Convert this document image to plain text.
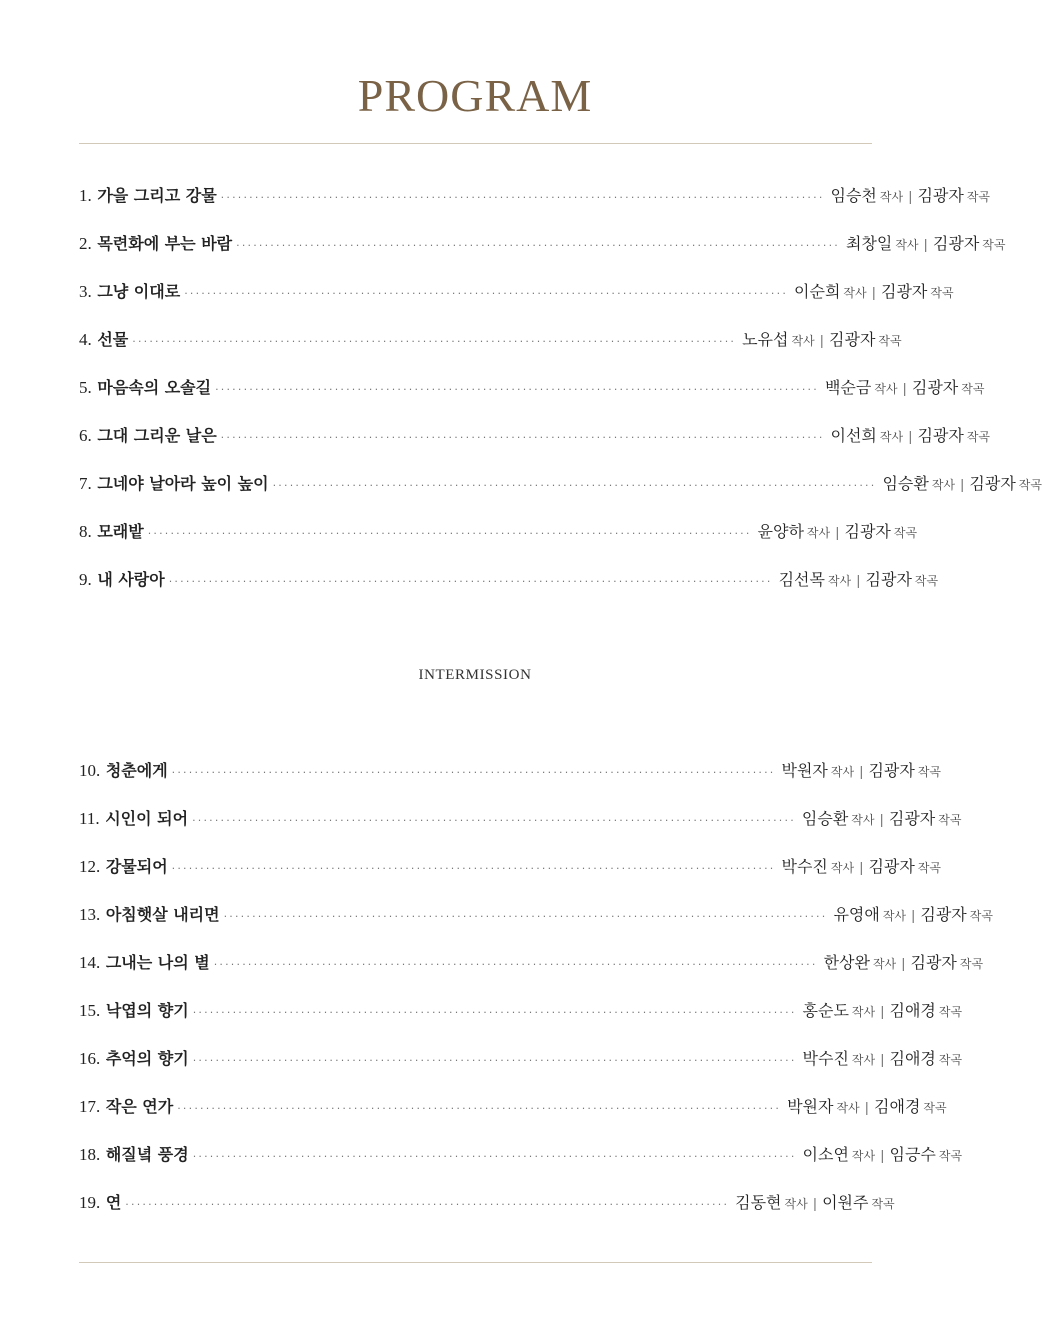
PROGRAM
1. 가을 그리고 강물 ·········································································································· 임승천 작사 | 김광자 작곡
2. 목련화에 부는 바람 ·········································································································· 최창일 작사 | 김광자 작곡
3. 그냥 이대로 ·········································································································· 이순희 작사 | 김광자 작곡
4. 선물 ·········································································································· 노유섭 작사 | 김광자 작곡
5. 마음속의 오솔길 ·········································································································· 백순금 작사 | 김광자 작곡
6. 그대 그리운 날은 ·········································································································· 이선희 작사 | 김광자 작곡
7. 그네야 날아라 높이 높이 ·········································································································· 임승환 작사 | 김광자 작곡
8. 모래밭 ·········································································································· 윤양하 작사 | 김광자 작곡
9. 내 사랑아 ·········································································································· 김선목 작사 | 김광자 작곡
INTERMISSION
10. 청춘에게 ·········································································································· 박원자 작사 | 김광자 작곡
11. 시인이 되어 ·········································································································· 임승환 작사 | 김광자 작곡
12. 강물되어 ·········································································································· 박수진 작사 | 김광자 작곡
13. 아침햇살 내리면 ·········································································································· 유영애 작사 | 김광자 작곡
14. 그내는 나의 별 ·········································································································· 한상완 작사 | 김광자 작곡
15. 낙엽의 향기 ·········································································································· 홍순도 작사 | 김애경 작곡
16. 추억의 향기 ·········································································································· 박수진 작사 | 김애경 작곡
17. 작은 연가 ·········································································································· 박원자 작사 | 김애경 작곡
18. 해질녘 풍경 ·········································································································· 이소연 작사 | 임긍수 작곡
19. 연 ·········································································································· 김동현 작사 | 이원주 작곡
